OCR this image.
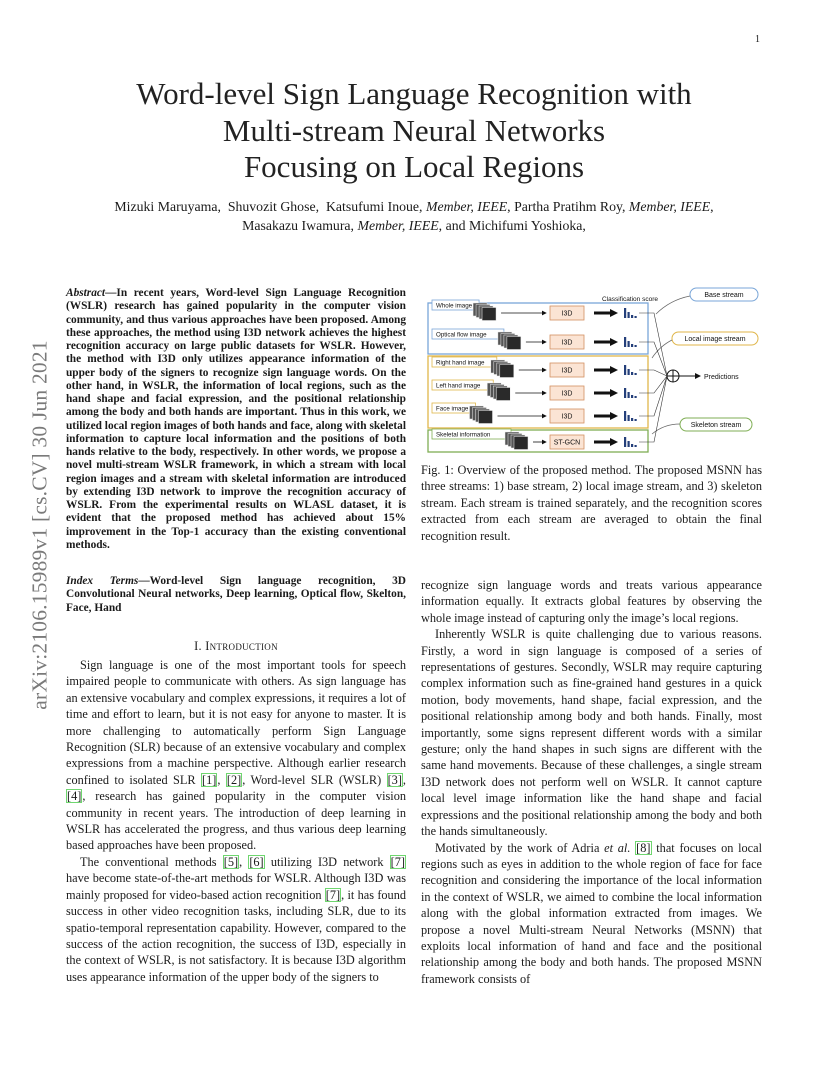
1
arXiv:2106.15989v1 [cs.CV] 30 Jun 2021
Word-level Sign Language Recognition with
Multi-stream Neural Networks
Focusing on Local Regions
Mizuki Maruyama, Shuvozit Ghose, Katsufumi Inoue, Member, IEEE, Partha Pratihm Roy, Member, IEEE,
Masakazu Iwamura, Member, IEEE, and Michifumi Yoshioka,
Abstract—In recent years, Word-level Sign Language Recognition (WSLR) research has gained popularity in the computer vision community, and thus various approaches have been proposed. Among these approaches, the method using I3D network achieves the highest recognition accuracy on large public datasets for WSLR. However, the method with I3D only utilizes appearance information of the upper body of the signers to recognize sign language words. On the other hand, in WSLR, the information of local regions, such as the hand shape and facial expression, and the positional relationship among the body and both hands are important. Thus in this work, we utilized local region images of both hands and face, along with skeletal information to capture local information and the positions of both hands relative to the body, respectively. In other words, we propose a novel multi-stream WSLR framework, in which a stream with local region images and a stream with skeletal information are introduced by extending I3D network to improve the recognition accuracy of WSLR. From the experimental results on WLASL dataset, it is evident that the proposed method has achieved about 15% improvement in the Top-1 accuracy than the existing conventional methods.
Index Terms—Word-level Sign language recognition, 3D Convolutional Neural networks, Deep learning, Optical flow, Skelton, Face, Hand
I. Introduction

Sign language is one of the most important tools for speech impaired people to communicate with others. As sign language has an extensive vocabulary and complex expressions, it requires a lot of time and effort to learn, but it is not easy for anyone to master. It is more challenging to automatically perform Sign Language Recognition (SLR) because of an extensive vocabulary and complex expressions from a machine perspective. Although earlier research confined to isolated SLR [1], [2], Word-level SLR (WSLR) [3], [4], research has gained popularity in the computer vision community in recent years. The introduction of deep learning in WSLR has accelerated the progress, and thus various deep learning based approaches have been proposed.

The conventional methods [5], [6] utilizing I3D network [7] have become state-of-the-art methods for WSLR. Although I3D was mainly proposed for video-based action recognition [7], it has found success in other video recognition tasks, including SLR, due to its spatio-temporal representation capability. However, compared to the success of the action recognition, the success of I3D, especially in the context of WSLR, is not satisfactory. It is because I3D algorithm uses appearance information of the upper body of the signers to

Classification score
Base stream
Local image stream
Skeleton stream
Whole image
I3D
Optical flow image
I3D
Right hand image
I3D
Left hand image
I3D
Face image
I3D
Skeletal information
ST-GCN
Predictions
Fig. 1: Overview of the proposed method. The proposed MSNN has three streams: 1) base stream, 2) local image stream, and 3) skeleton stream. Each stream is trained separately, and the recognition scores extracted from each stream are averaged to obtain the final recognition result.

recognize sign language words and treats various appearance information equally. It extracts global features by observing the whole image instead of capturing only the image’s local regions.

Inherently WSLR is quite challenging due to various reasons. Firstly, a word in sign language is composed of a series of representations of gestures. Secondly, WSLR may require capturing complex information such as fine-grained hand gestures in a quick motion, body movements, hand shape, facial expression, and the positional relationship among body and both hands. Finally, most importantly, some signs represent different words with a similar gesture; only the hand shapes in such signs are different with the same hand movements. Because of these challenges, a single stream I3D network does not perform well on WSLR. It cannot capture local level image information like the hand shape and facial expressions and the positional relationship among the body and both the hands simultaneously.

Motivated by the work of Adria et al. [8] that focuses on local regions such as eyes in addition to the whole region of face for face recognition and considering the importance of the local information in the context of WSLR, we aimed to combine the local information along with the global information extracted from images. We propose a novel Multi-stream Neural Networks (MSNN) that exploits local information of hand and face and the positional relationship among the body and both hands. The proposed MSNN framework consists of
